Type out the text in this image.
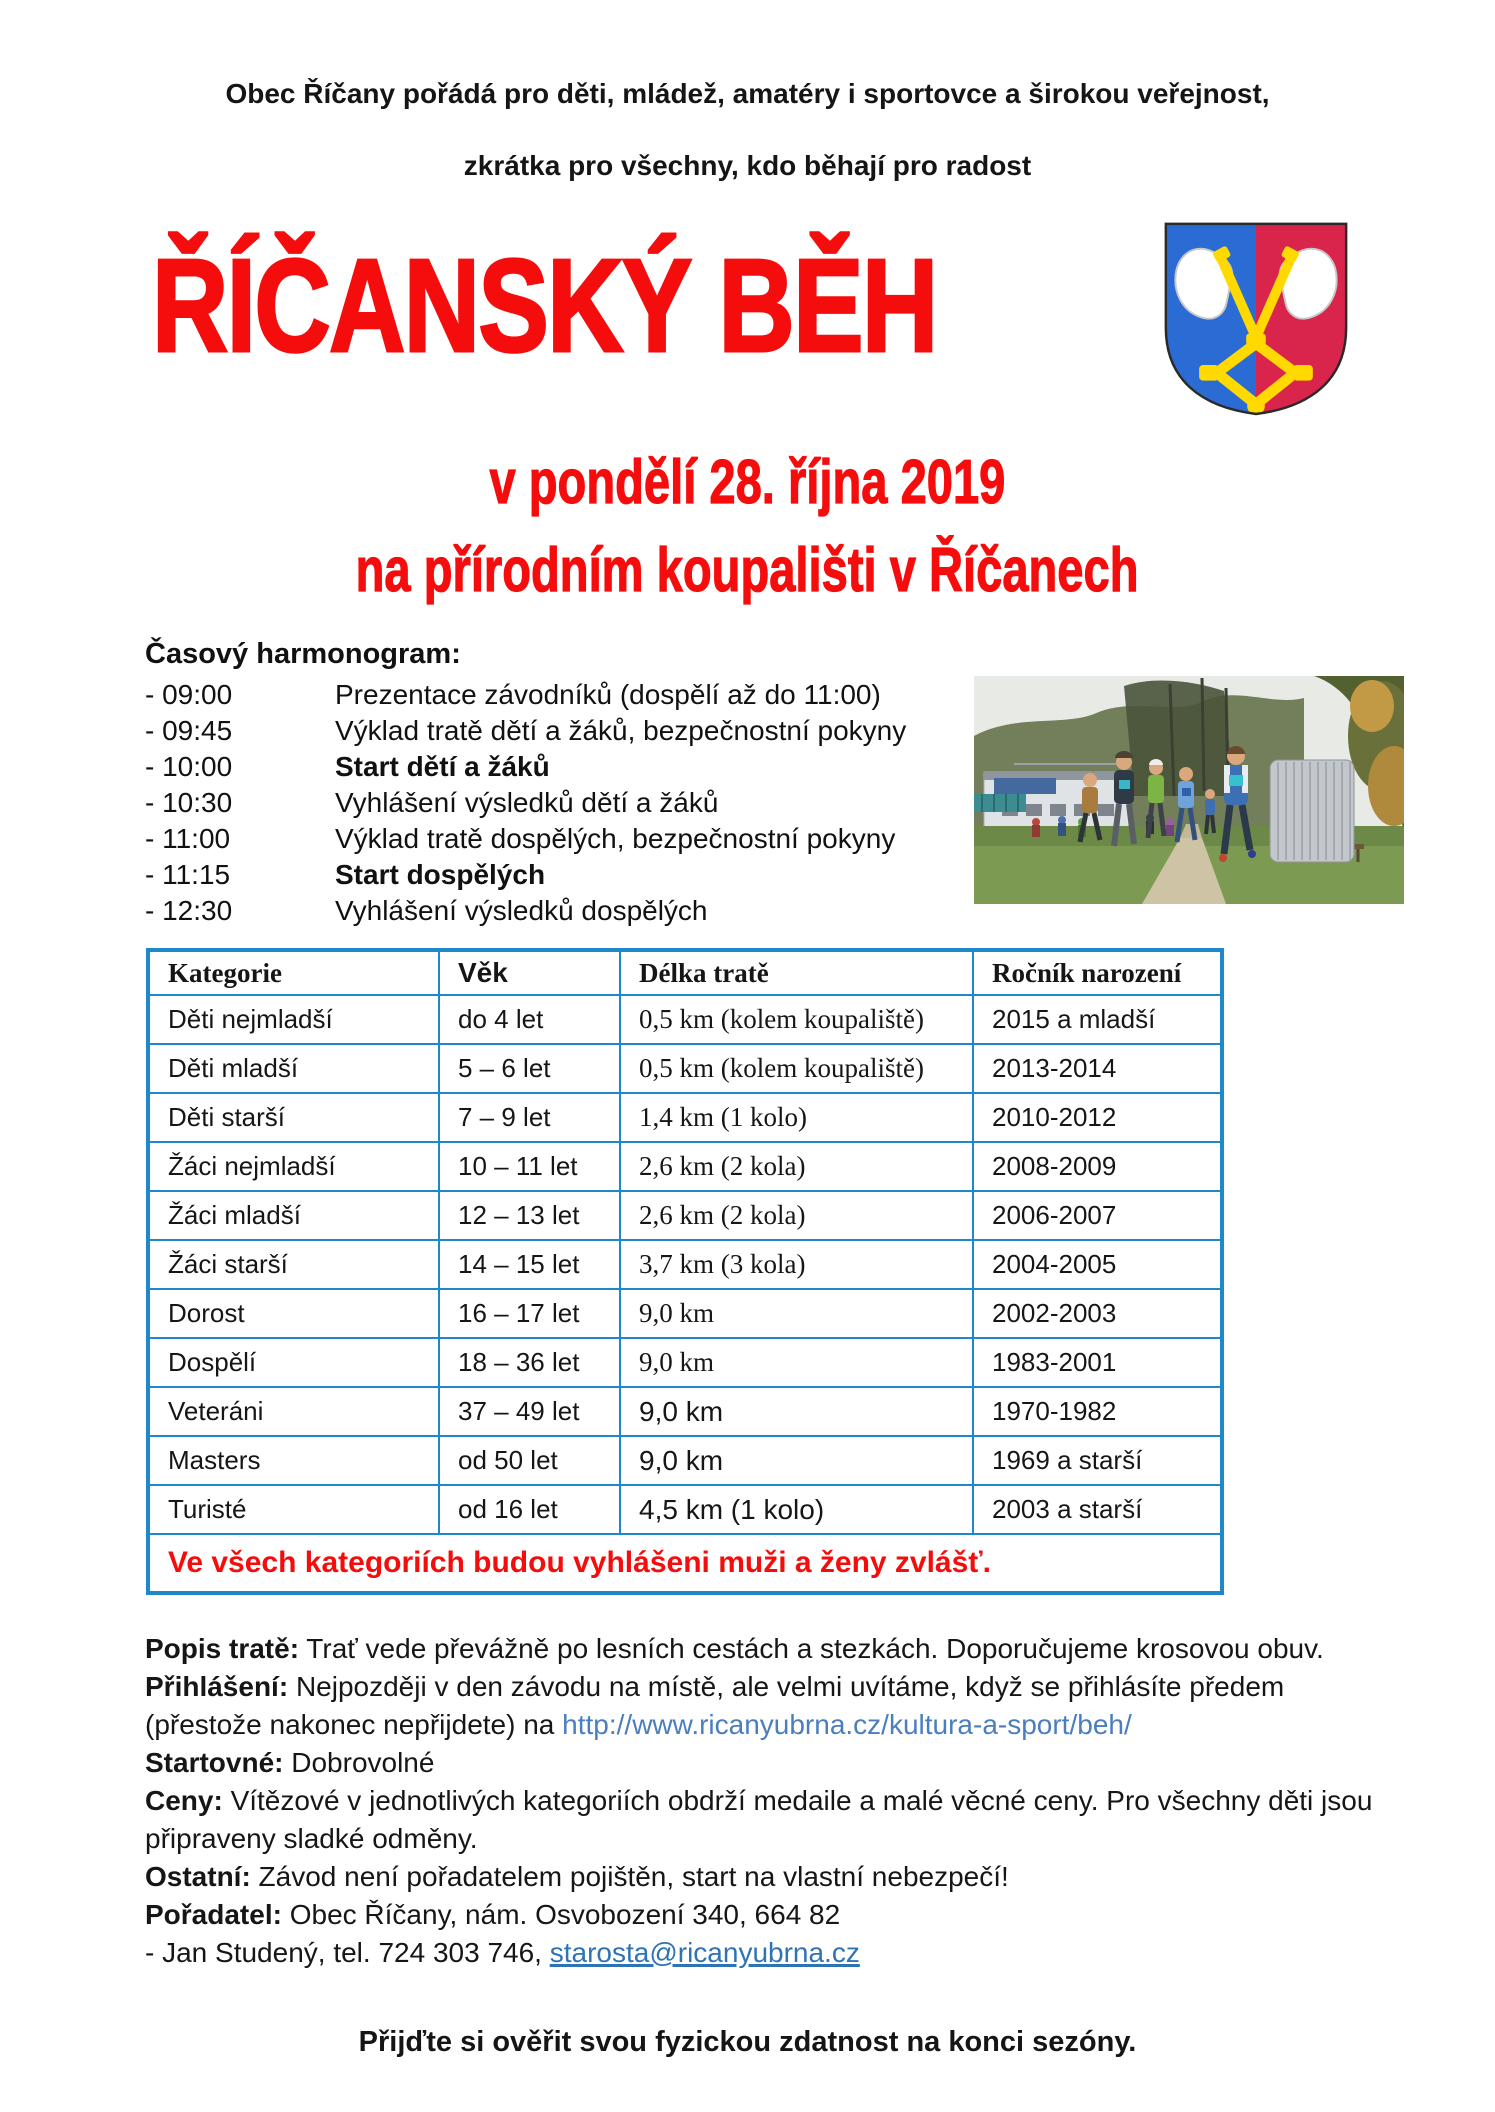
Obec Říčany pořádá pro děti, mládež, amatéry i sportovce a širokou veřejnost,
zkrátka pro všechny, kdo běhají pro radost
ŘÍČANSKÝ BĚH
v pondělí 28. října 2019
na přírodním koupališti v Říčanech
Časový harmonogram:
- 09:00	Prezentace závodníků (dospělí až do 11:00)
- 09:45	Výklad tratě dětí a žáků, bezpečnostní pokyny
- 10:00	Start dětí a žáků
- 10:30	Vyhlášení výsledků dětí a žáků
- 11:00	Výklad tratě dospělých, bezpečnostní pokyny
- 11:15	Start dospělých
- 12:30	Vyhlášení výsledků dospělých
Kategorie	Věk	Délka tratě	Ročník narození
Děti nejmladší	do 4 let	0,5 km (kolem koupaliště)	2015 a mladší
Děti mladší	5 – 6 let	0,5 km (kolem koupaliště)	2013-2014
Děti starší	7 – 9 let	1,4 km (1 kolo)	2010-2012
Žáci nejmladší	10 – 11 let	2,6 km (2 kola)	2008-2009
Žáci mladší	12 – 13 let	2,6 km (2 kola)	2006-2007
Žáci starší	14 – 15 let	3,7 km (3 kola)	2004-2005
Dorost	16 – 17 let	9,0 km	2002-2003
Dospělí	18 – 36 let	9,0 km	1983-2001
Veteráni	37 – 49 let	9,0 km	1970-1982
Masters	od 50 let	9,0 km	1969 a starší
Turisté	od 16 let	4,5 km (1 kolo)	2003 a starší
Ve všech kategoriích budou vyhlášeni muži a ženy zvlášť.			
Popis tratě: Trať vede převážně po lesních cestách a stezkách. Doporučujeme krosovou obuv.
Přihlášení: Nejpozději v den závodu na místě, ale velmi uvítáme, když se přihlásíte předem (přestože nakonec nepřijdete) na http://www.ricanyubrna.cz/kultura-a-sport/beh/
Startovné: Dobrovolné
Ceny: Vítězové v jednotlivých kategoriích obdrží medaile a malé věcné ceny. Pro všechny děti jsou připraveny sladké odměny.
Ostatní: Závod není pořadatelem pojištěn, start na vlastní nebezpečí!
Pořadatel: Obec Říčany, nám. Osvobození 340, 664 82
- Jan Studený, tel. 724 303 746, starosta@ricanyubrna.cz
Přijďte si ověřit svou fyzickou zdatnost na konci sezóny.
